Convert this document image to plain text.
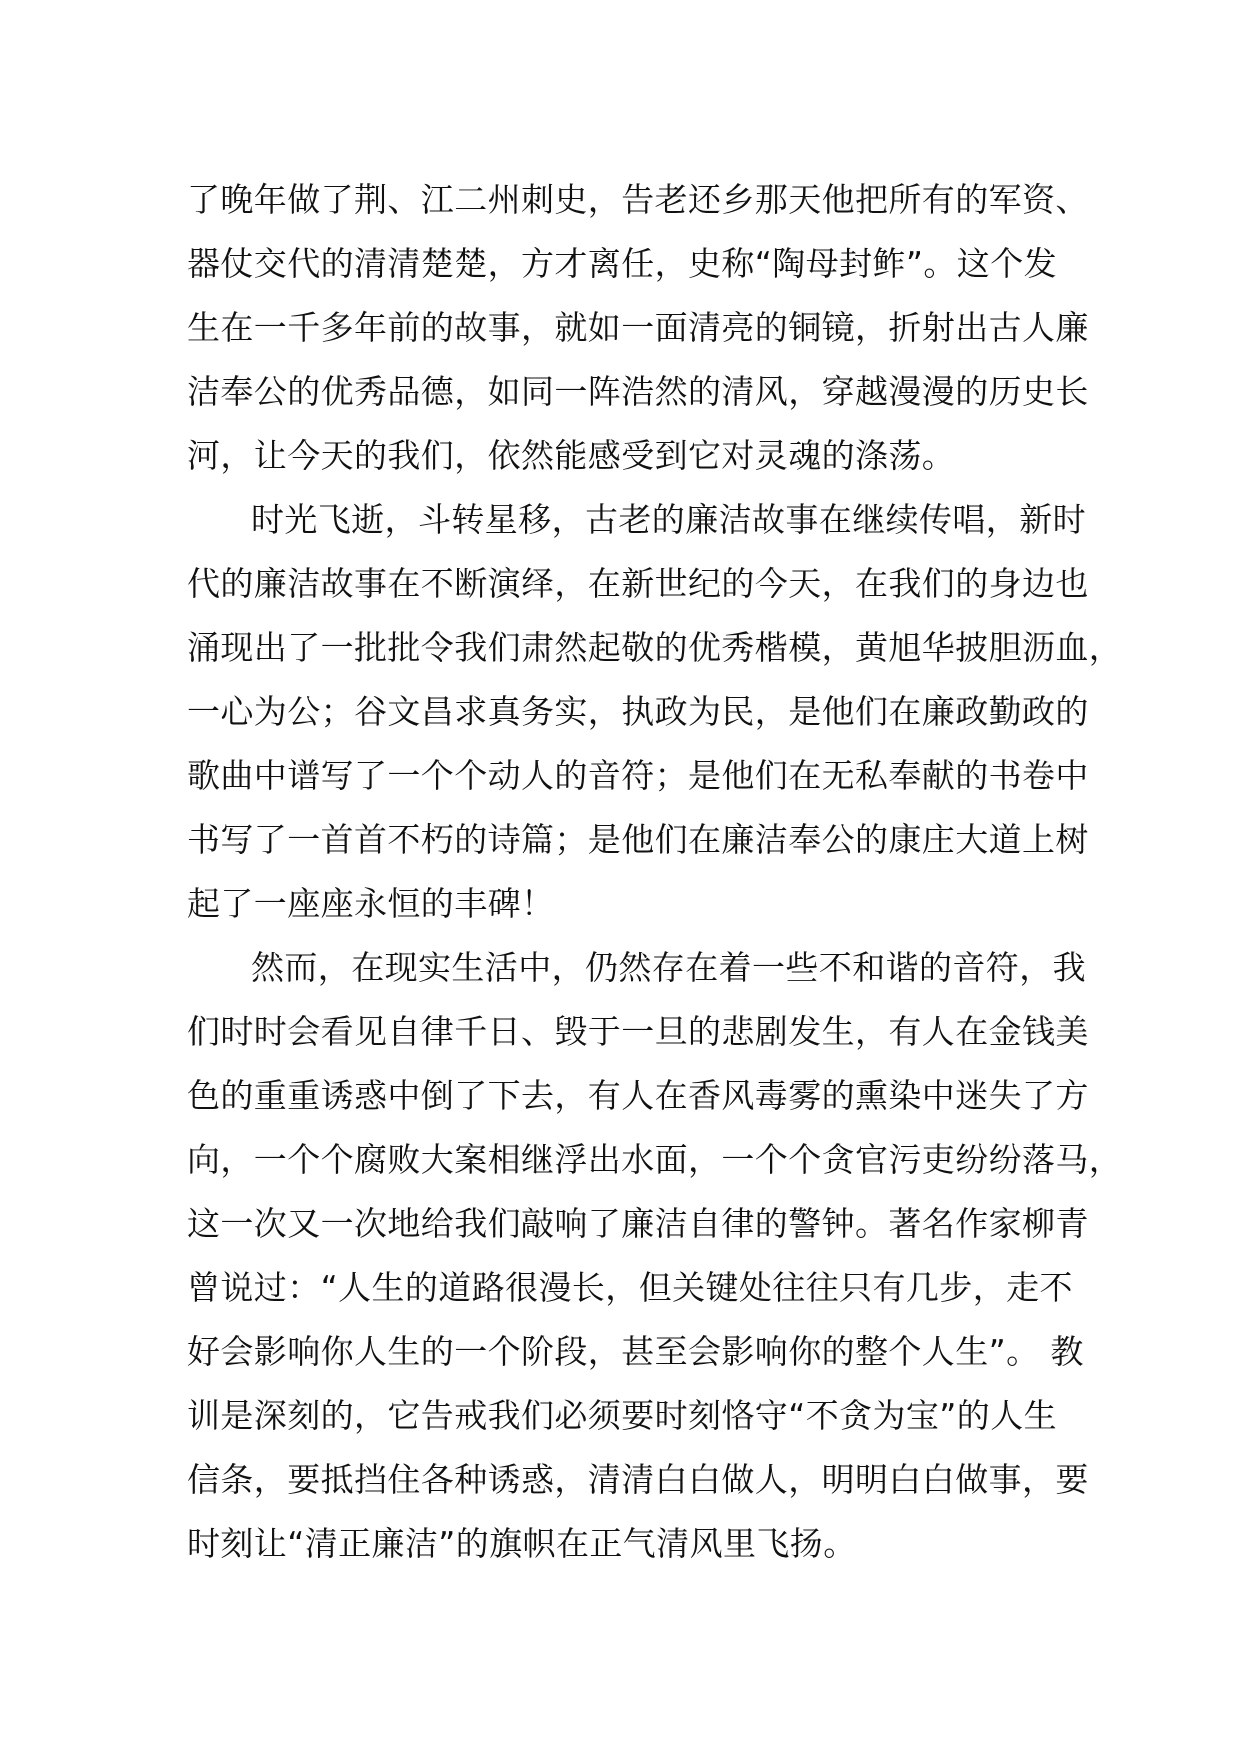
了晚年做了荆、江二州刺史，告老还乡那天他把所有的军资、
器仗交代的清清楚楚，方才离任，史称“陶母封鲊”。这个发
生在一千多年前的故事，就如一面清亮的铜镜，折射出古人廉
洁奉公的优秀品德，如同一阵浩然的清风，穿越漫漫的历史长
河，让今天的我们，依然能感受到它对灵魂的涤荡。
时光飞逝，斗转星移，古老的廉洁故事在继续传唱，新时
代的廉洁故事在不断演绎，在新世纪的今天，在我们的身边也
涌现出了一批批令我们肃然起敬的优秀楷模，黄旭华披胆沥血，
一心为公；谷文昌求真务实，执政为民，是他们在廉政勤政的
歌曲中谱写了一个个动人的音符；是他们在无私奉献的书卷中
书写了一首首不朽的诗篇；是他们在廉洁奉公的康庄大道上树
起了一座座永恒的丰碑！
然而，在现实生活中，仍然存在着一些不和谐的音符，我
们时时会看见自律千日、毁于一旦的悲剧发生，有人在金钱美
色的重重诱惑中倒了下去，有人在香风毒雾的熏染中迷失了方
向，一个个腐败大案相继浮出水面，一个个贪官污吏纷纷落马，
这一次又一次地给我们敲响了廉洁自律的警钟。著名作家柳青
曾说过：“人生的道路很漫长，但关键处往往只有几步，走不
好会影响你人生的一个阶段，甚至会影响你的整个人生”。 教
训是深刻的，它告戒我们必须要时刻恪守“不贪为宝”的人生
信条，要抵挡住各种诱惑，清清白白做人，明明白白做事，要
时刻让“清正廉洁”的旗帜在正气清风里飞扬。
